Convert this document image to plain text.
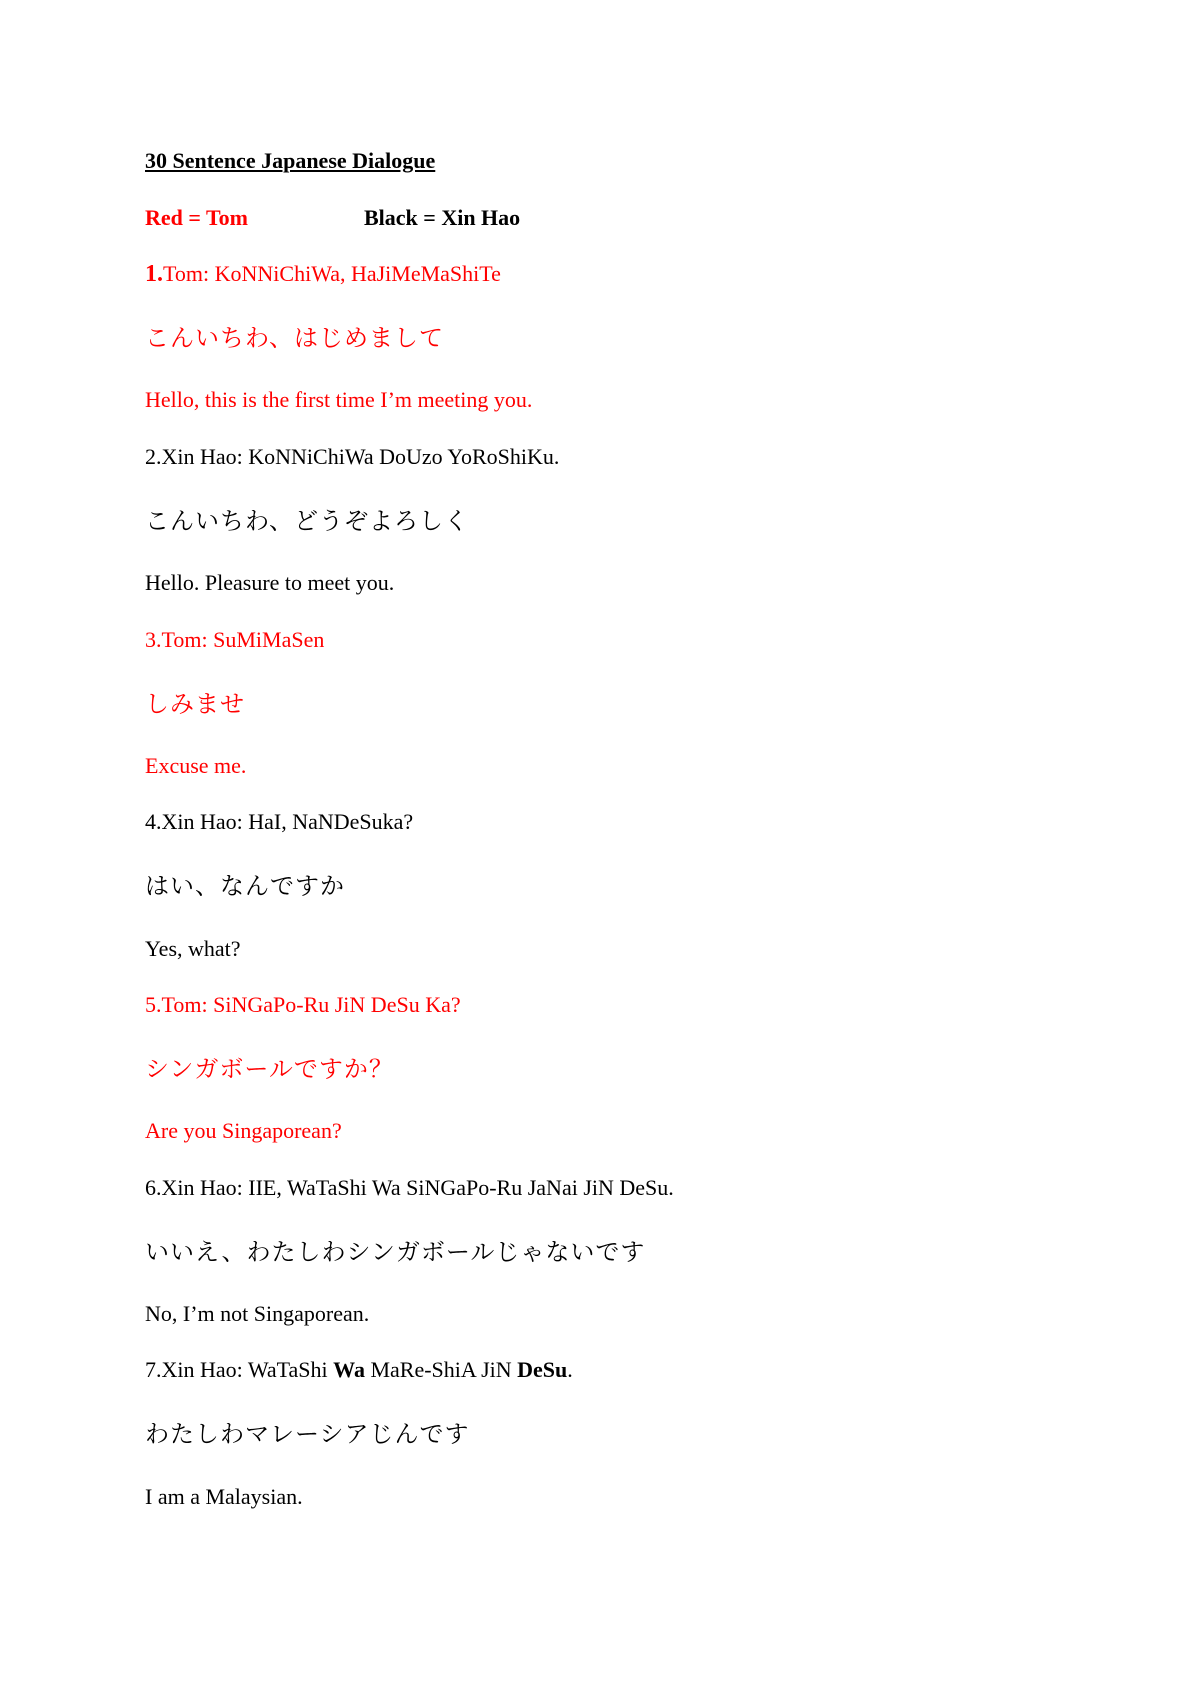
30 Sentence Japanese Dialogue
Red = Tom	Black = Xin Hao
1.Tom: KoNNiChiWa, HaJiMeMaShiTe
こんいちわ、はじめまして
Hello, this is the first time I’m meeting you.
2.Xin Hao: KoNNiChiWa DoUzo YoRoShiKu.
こんいちわ、どうぞよろしく
Hello. Pleasure to meet you.
3.Tom: SuMiMaSen
しみませ
Excuse me.
4.Xin Hao: HaI, NaNDeSuka?
はい、なんですか
Yes, what?
5.Tom: SiNGaPo-Ru JiN DeSu Ka?
シンガボールですか？
Are you Singaporean?
6.Xin Hao: IIE, WaTaShi Wa SiNGaPo-Ru JaNai JiN DeSu.
いいえ、わたしわシンガボールじゃないです
No, I’m not Singaporean.
7.Xin Hao: WaTaShi Wa MaRe-ShiA JiN DeSu.
わたしわマレーシアじんです
I am a Malaysian.
